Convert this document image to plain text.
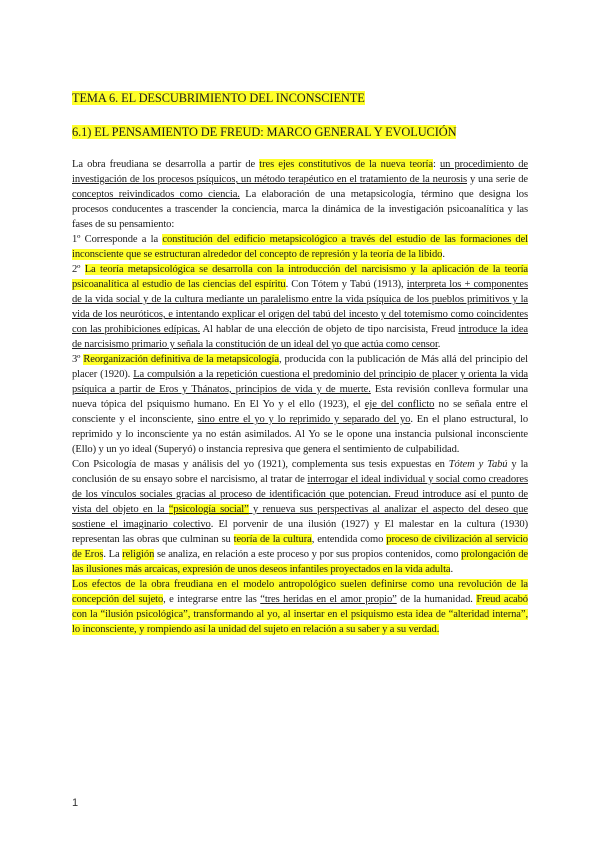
TEMA 6. EL DESCUBRIMIENTO DEL INCONSCIENTE
6.1) EL PENSAMIENTO DE FREUD: MARCO GENERAL Y EVOLUCIÓN

La obra freudiana se desarrolla a partir de tres ejes constitutivos de la nueva teoría: un procedimiento de investigación de los procesos psíquicos, un método terapéutico en el tratamiento de la neurosis y una serie de conceptos reivindicados como ciencia. La elaboración de una metapsicología, término que designa los procesos conducentes a trascender la conciencia, marca la dinámica de la investigación psicoanalítica y las fases de su pensamiento:

1º Corresponde a la constitución del edificio metapsicológico a través del estudio de las formaciones del inconsciente que se estructuran alrededor del concepto de represión y la teoría de la libido.

2º La teoría metapsicológica se desarrolla con la introducción del narcisismo y la aplicación de la teoría psicoanalítica al estudio de las ciencias del espíritu. Con Tótem y Tabú (1913), interpreta los + componentes de la vida social y de la cultura mediante un paralelismo entre la vida psíquica de los pueblos primitivos y la vida de los neuróticos, e intentando explicar el origen del tabú del incesto y del totemismo como coincidentes con las prohibiciones edípicas. Al hablar de una elección de objeto de tipo narcisista, Freud introduce la idea de narcisismo primario y señala la constitución de un ideal del yo que actúa como censor.

3º Reorganización definitiva de la metapsicología, producida con la publicación de Más allá del principio del placer (1920). La compulsión a la repetición cuestiona el predominio del principio de placer y orienta la vida psíquica a partir de Eros y Thánatos, principios de vida y de muerte. Esta revisión conlleva formular una nueva tópica del psiquismo humano. En El Yo y el ello (1923), el eje del conflicto no se señala entre el consciente y el inconsciente, sino entre el yo y lo reprimido y separado del yo. En el plano estructural, lo reprimido y lo inconsciente ya no están asimilados. Al Yo se le opone una instancia pulsional inconsciente (Ello) y un yo ideal (Superyó) o instancia represiva que genera el sentimiento de culpabilidad.

Con Psicología de masas y análisis del yo (1921), complementa sus tesis expuestas en Tótem y Tabú y la conclusión de su ensayo sobre el narcisismo, al tratar de interrogar el ideal individual y social como creadores de los vínculos sociales gracias al proceso de identificación que potencian. Freud introduce así el punto de vista del objeto en la “psicología social” y renueva sus perspectivas al analizar el aspecto del deseo que sostiene el imaginario colectivo. El porvenir de una ilusión (1927) y El malestar en la cultura (1930) representan las obras que culminan su teoría de la cultura, entendida como proceso de civilización al servicio de Eros. La religión se analiza, en relación a este proceso y por sus propios contenidos, como prolongación de las ilusiones más arcaicas, expresión de unos deseos infantiles proyectados en la vida adulta.

Los efectos de la obra freudiana en el modelo antropológico suelen definirse como una revolución de la concepción del sujeto, e integrarse entre las “tres heridas en el amor propio” de la humanidad. Freud acabó con la “ilusión psicológica”, transformando al yo, al insertar en el psiquismo esta idea de “alteridad interna”, lo inconsciente, y rompiendo así la unidad del sujeto en relación a su saber y a su verdad.

1
